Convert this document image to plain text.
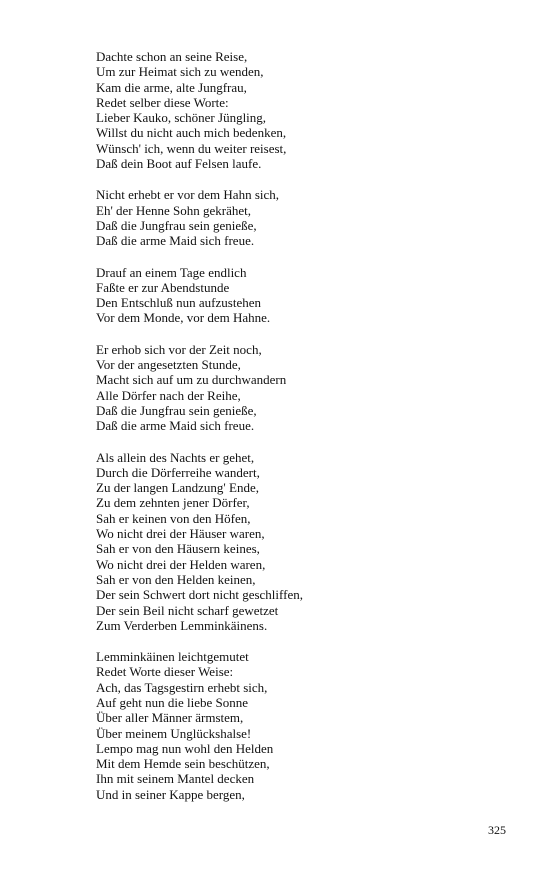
Dachte schon an seine Reise,
Um zur Heimat sich zu wenden,
Kam die arme, alte Jungfrau,
Redet selber diese Worte:
Lieber Kauko, schöner Jüngling,
Willst du nicht auch mich bedenken,
Wünsch' ich, wenn du weiter reisest,
Daß dein Boot auf Felsen laufe.
Nicht erhebt er vor dem Hahn sich,
Eh' der Henne Sohn gekrähet,
Daß die Jungfrau sein genieße,
Daß die arme Maid sich freue.
Drauf an einem Tage endlich
Faßte er zur Abendstunde
Den Entschluß nun aufzustehen
Vor dem Monde, vor dem Hahne.
Er erhob sich vor der Zeit noch,
Vor der angesetzten Stunde,
Macht sich auf um zu durchwandern
Alle Dörfer nach der Reihe,
Daß die Jungfrau sein genieße,
Daß die arme Maid sich freue.
Als allein des Nachts er gehet,
Durch die Dörferreihe wandert,
Zu der langen Landzung' Ende,
Zu dem zehnten jener Dörfer,
Sah er keinen von den Höfen,
Wo nicht drei der Häuser waren,
Sah er von den Häusern keines,
Wo nicht drei der Helden waren,
Sah er von den Helden keinen,
Der sein Schwert dort nicht geschliffen,
Der sein Beil nicht scharf gewetzet
Zum Verderben Lemminkäinens.
Lemminkäinen leichtgemutet
Redet Worte dieser Weise:
Ach, das Tagsgestirn erhebt sich,
Auf geht nun die liebe Sonne
Über aller Männer ärmstem,
Über meinem Unglückshalse!
Lempo mag nun wohl den Helden
Mit dem Hemde sein beschützen,
Ihn mit seinem Mantel decken
Und in seiner Kappe bergen,
325
